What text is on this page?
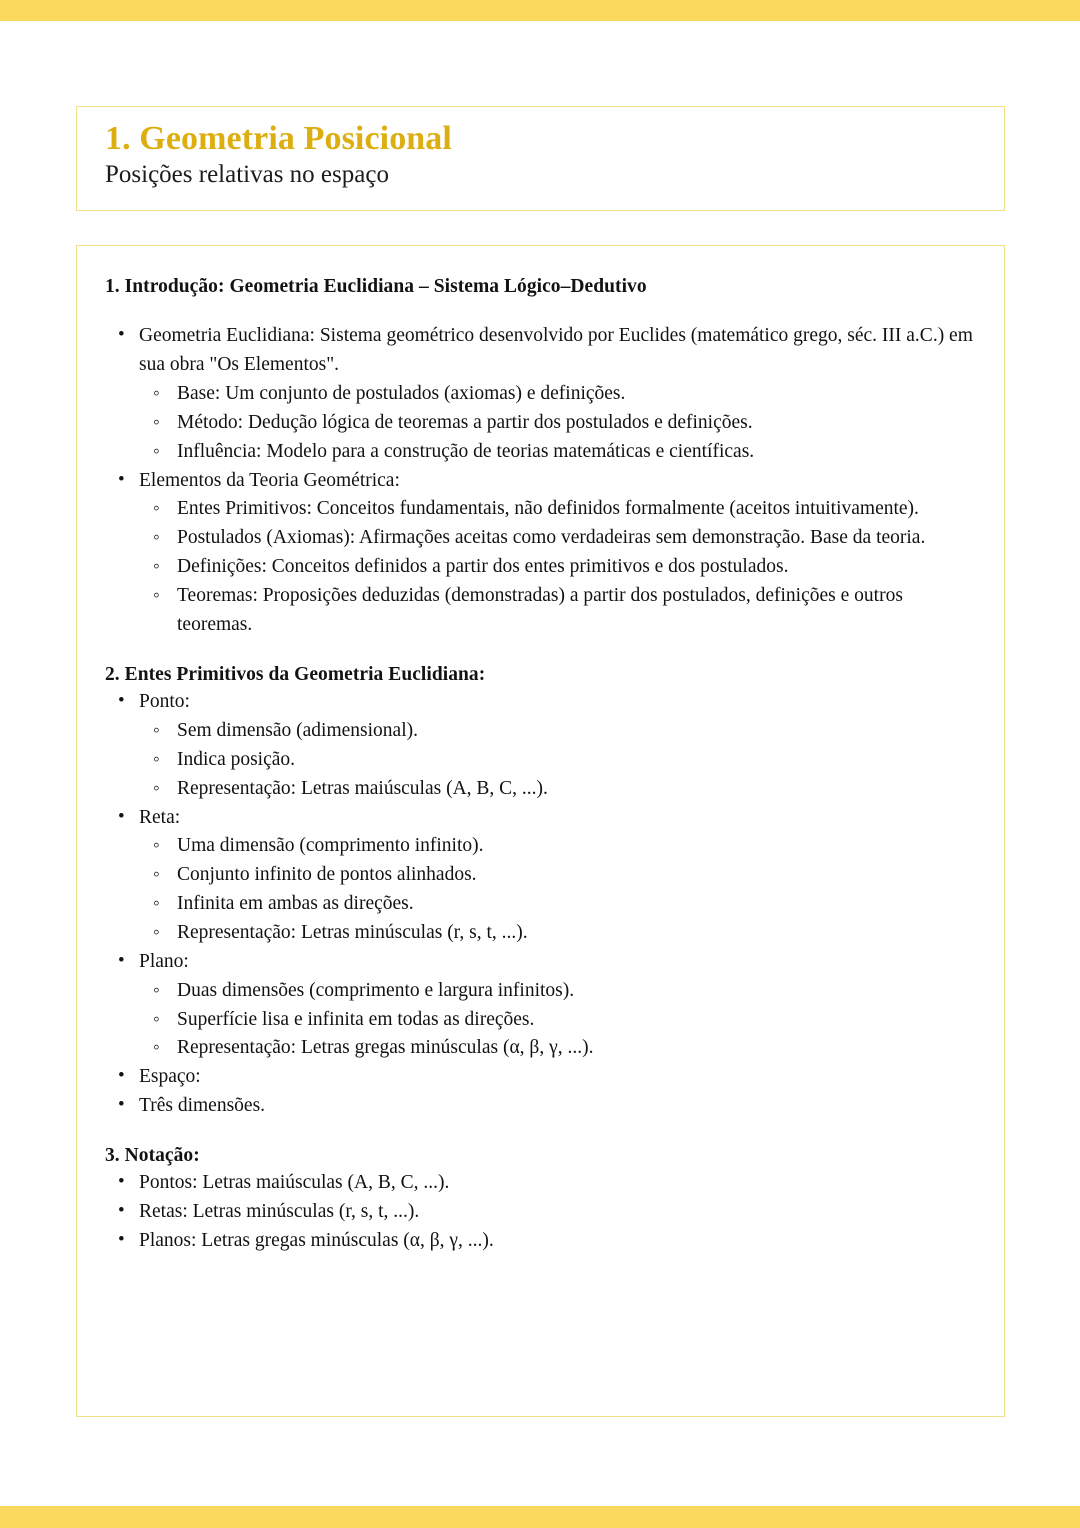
1. Geometria Posicional

Posições relativas no espaço

1. Introdução: Geometria Euclidiana – Sistema Lógico–Dedutivo
• Geometria Euclidiana: Sistema geométrico desenvolvido por Euclides (matemático grego, séc. III a.C.) em sua obra "Os Elementos".
◦ Base: Um conjunto de postulados (axiomas) e definições.
◦ Método: Dedução lógica de teoremas a partir dos postulados e definições.
◦ Influência: Modelo para a construção de teorias matemáticas e científicas.
• Elementos da Teoria Geométrica:
◦ Entes Primitivos: Conceitos fundamentais, não definidos formalmente (aceitos intuitivamente).
◦ Postulados (Axiomas): Afirmações aceitas como verdadeiras sem demonstração. Base da teoria.
◦ Definições: Conceitos definidos a partir dos entes primitivos e dos postulados.
◦ Teoremas: Proposições deduzidas (demonstradas) a partir dos postulados, definições e outros teoremas.
2. Entes Primitivos da Geometria Euclidiana:
• Ponto:
◦ Sem dimensão (adimensional).
◦ Indica posição.
◦ Representação: Letras maiúsculas (A, B, C, ...).
• Reta:
◦ Uma dimensão (comprimento infinito).
◦ Conjunto infinito de pontos alinhados.
◦ Infinita em ambas as direções.
◦ Representação: Letras minúsculas (r, s, t, ...).
• Plano:
◦ Duas dimensões (comprimento e largura infinitos).
◦ Superfície lisa e infinita em todas as direções.
◦ Representação: Letras gregas minúsculas (α, β, γ, ...).
• Espaço:
• Três dimensões.
3. Notação:
• Pontos: Letras maiúsculas (A, B, C, ...).
• Retas: Letras minúsculas (r, s, t, ...).
• Planos: Letras gregas minúsculas (α, β, γ, ...).
